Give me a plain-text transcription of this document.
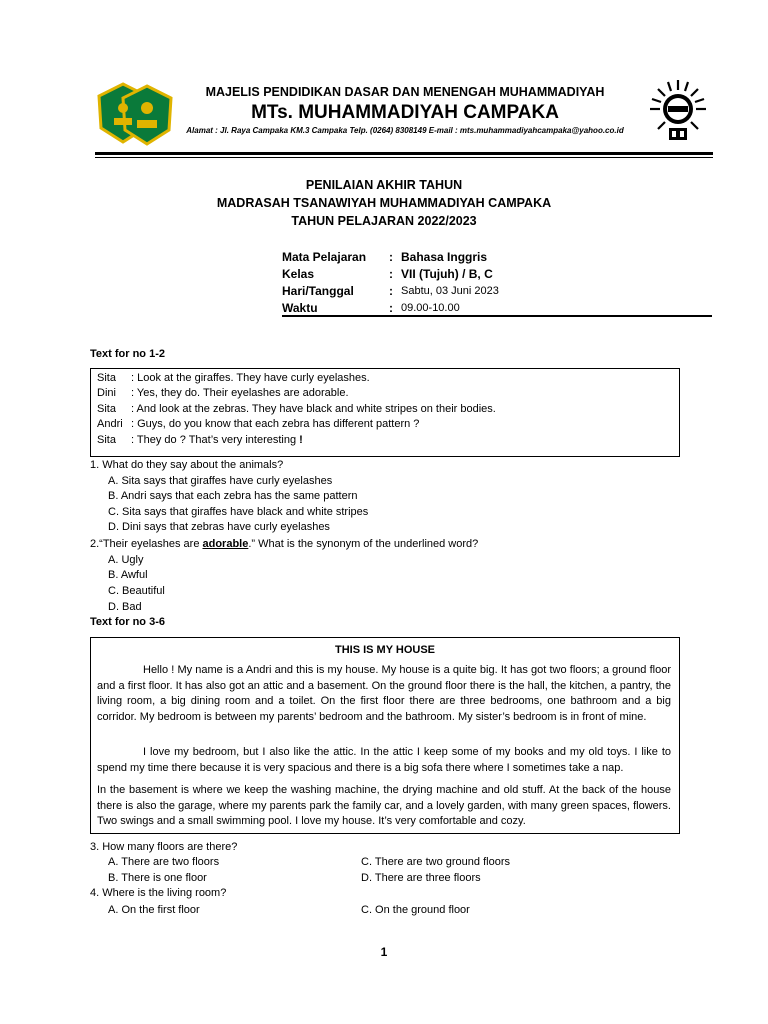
MAJELIS PENDIDIKAN DASAR DAN MENENGAH MUHAMMADIYAH
MTs. MUHAMMADIYAH CAMPAKA
Alamat : Jl. Raya Campaka KM.3 Campaka Telp. (0264) 8308149 E-mail : mts.muhammadiyahcampaka@yahoo.co.id
PENILAIAN AKHIR TAHUN
MADRASAH TSANAWIYAH MUHAMMADIYAH CAMPAKA
TAHUN PELAJARAN 2022/2023
Mata Pelajaran : Bahasa Inggris
Kelas	: VII (Tujuh) / B, C
Hari/Tanggal	: Sabtu, 03 Juni 2023
Waktu	: 09.00-10.00
Text for no 1-2
Sita : Look at the giraffes. They have curly eyelashes.
Dini : Yes, they do. Their eyelashes are adorable.
Sita : And look at the zebras. They have black and white stripes on their bodies.
Andri : Guys, do you know that each zebra has different pattern ?
Sita : They do ? That’s very interesting !
1. What do they say about the animals?
A. Sita says that giraffes have curly eyelashes
B. Andri says that each zebra has the same pattern
C. Sita says that giraffes have black and white stripes
D. Dini says that zebras have curly eyelashes
2.“Their eyelashes are adorable.” What is the synonym of the underlined word?
A. Ugly
B. Awful
C. Beautiful
D. Bad
Text for no 3-6
THIS IS MY HOUSE
Hello ! My name is a Andri and this is my house. My house is a quite big. It has got two floors; a ground floor and a first floor. It has also got an attic and a basement. On the ground floor there is the hall, the kitchen, a pantry, the living room, a big dining room and a toilet. On the first floor there are three bedrooms, one bathroom and a big corridor. My bedroom is between my parents’ bedroom and the bathroom. My sister’s bedroom is in front of mine.
I love my bedroom, but I also like the attic. In the attic I keep some of my books and my old toys. I like to spend my time there because it is very spacious and there is a big sofa there where I sometimes take a nap.
In the basement is where we keep the washing machine, the drying machine and old stuff. At the back of the house there is also the garage, where my parents park the family car, and a lovely garden, with many green spaces, flowers. Two swings and a small swimming pool. I love my house. It’s very comfortable and cozy.
3. How many floors are there?
A. There are two floors
B. There is one floor
C. There are two ground floors
D. There are three floors
4. Where is the living room?
A. On the first floor	C. On the ground floor
1
